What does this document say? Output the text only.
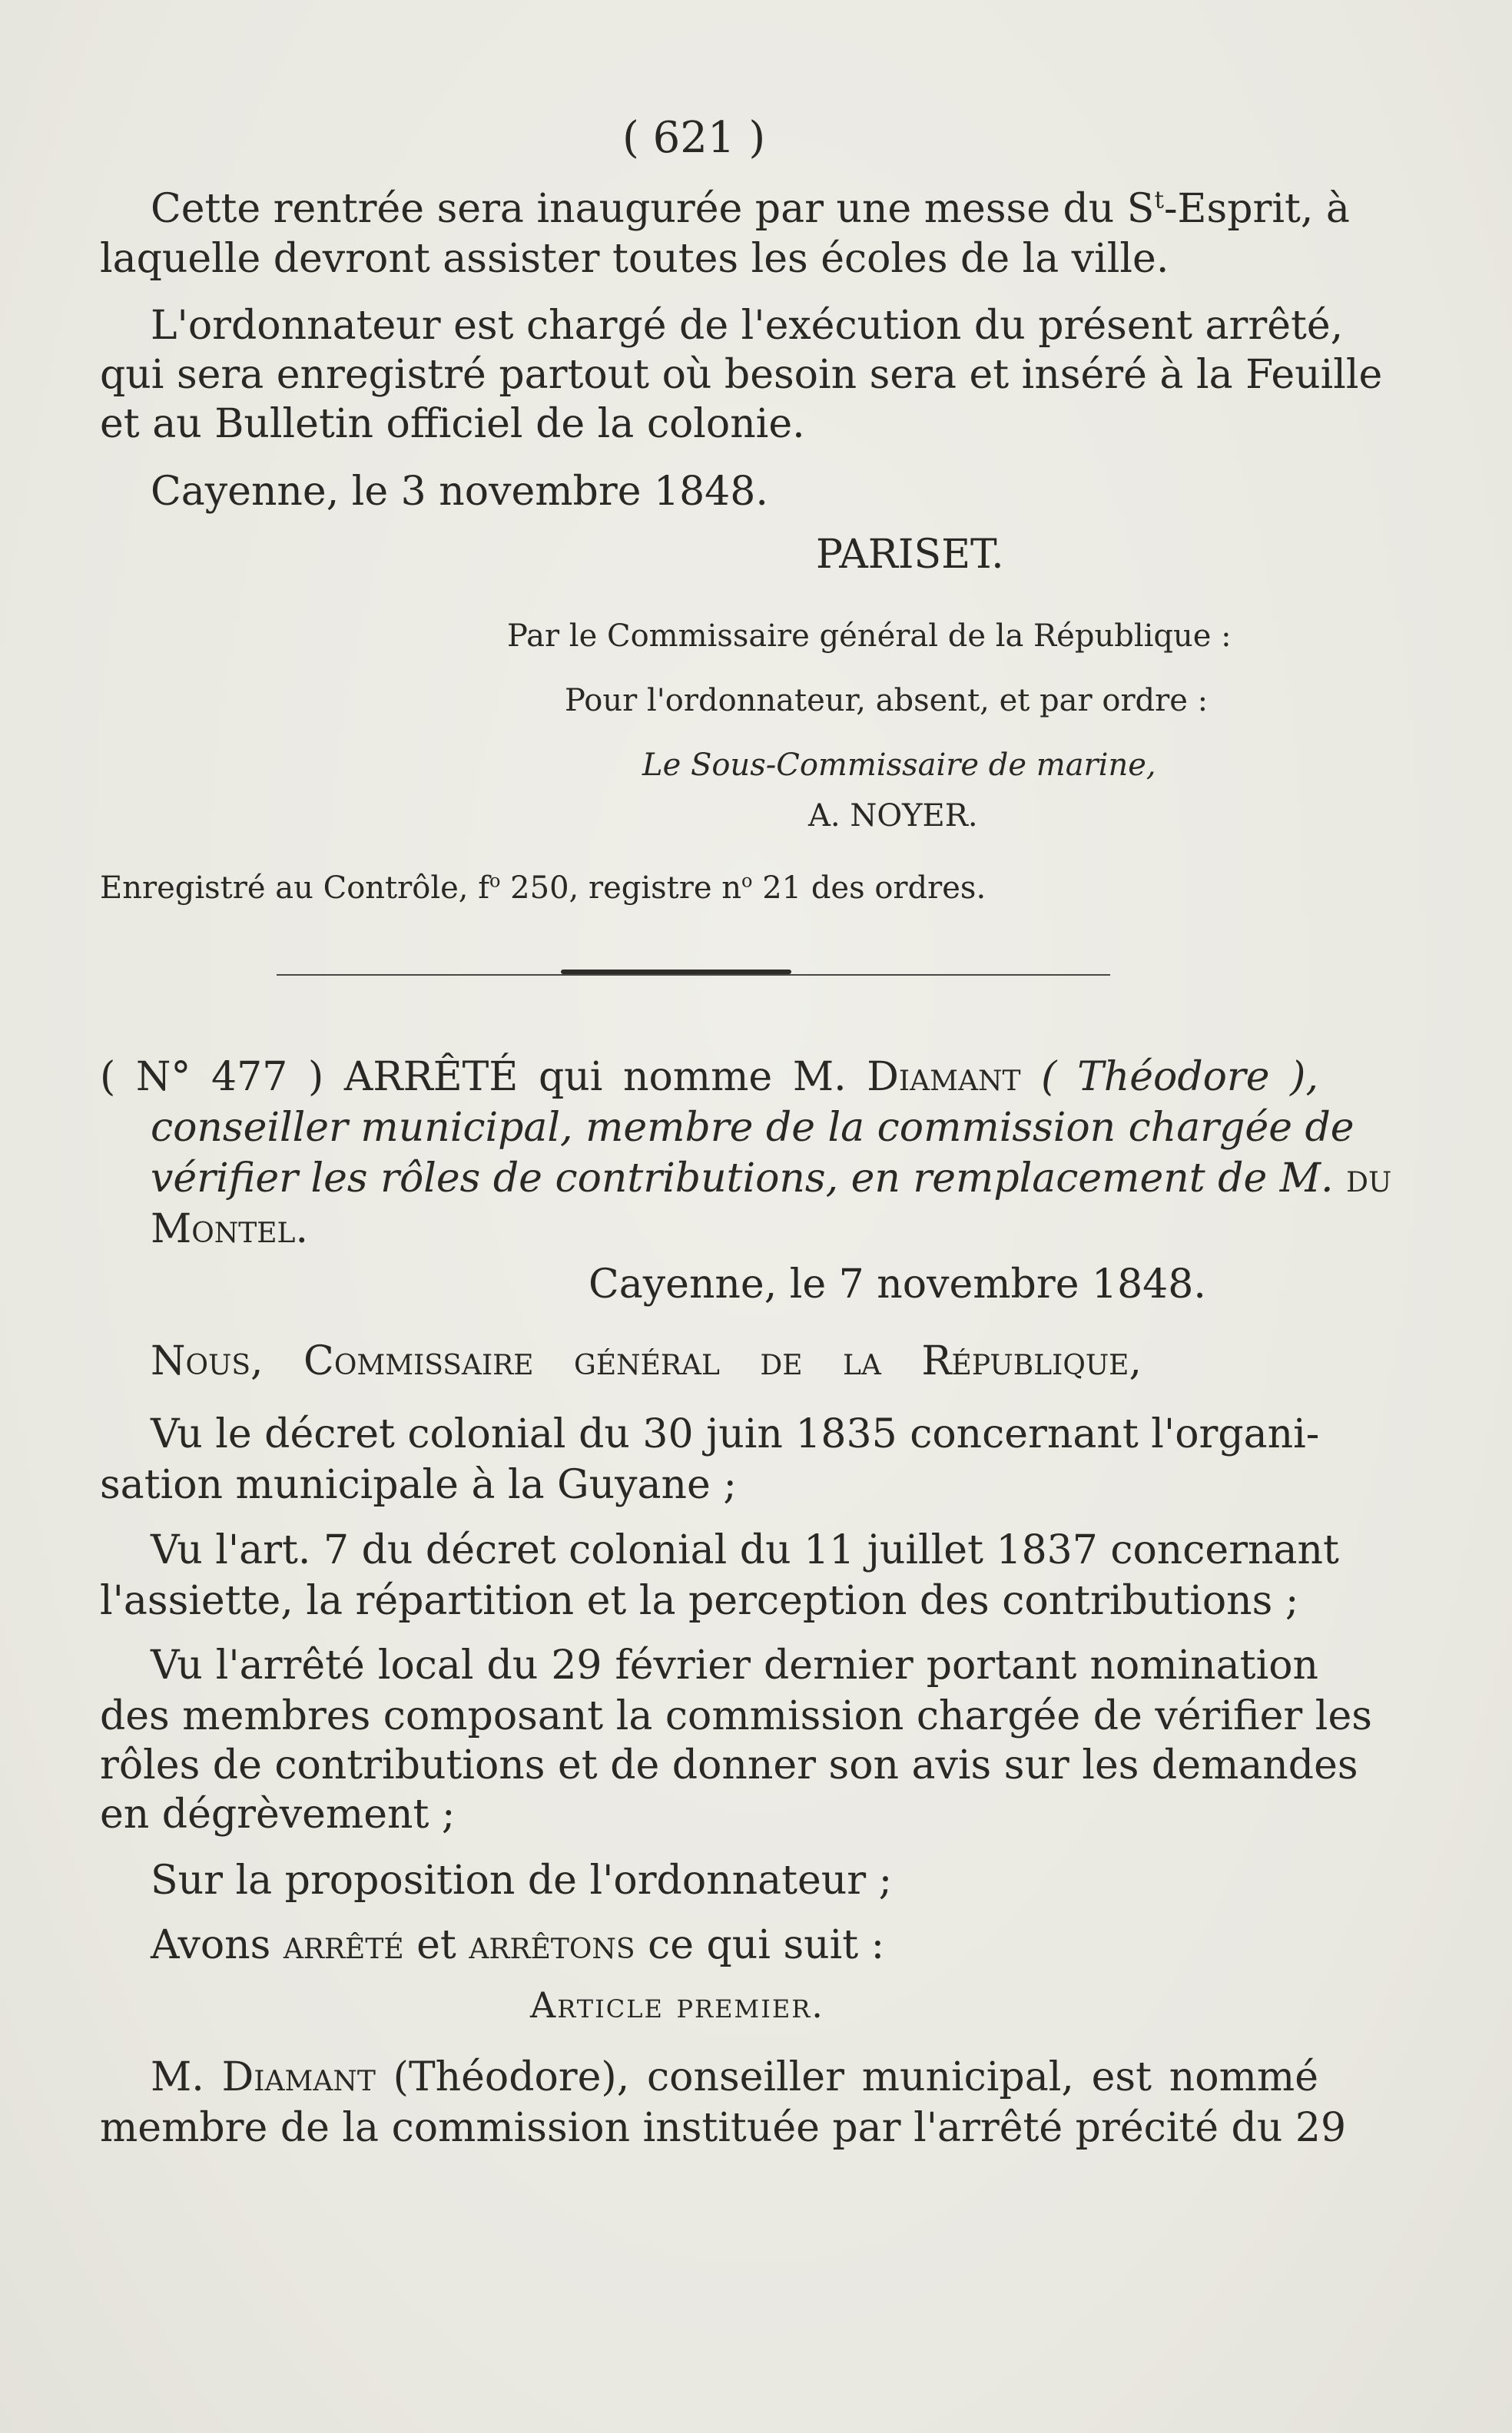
( 621 )
Cette rentrée sera inaugurée par une messe du $S^t$-Esprit, à
laquelle devront assister toutes les écoles de la ville.
L'ordonnateur est chargé de l'exécution du présent arrêté,
qui sera enregistré partout où besoin sera et inséré à la Feuille
et au Bulletin officiel de la colonie.
Cayenne, le 3 novembre 1848.
PARISET.
Par le Commissaire général de la République :
Pour l'ordonnateur, absent, et par ordre :
Le Sous-Commissaire de marine,
A. NOYER.
Enregistré au Contrôle, $f^o$ 250, registre $n^o$ 21 des ordres.
( N° 477 ) ARRÊTÉ qui nomme M. Diamant ( Théodore ),
conseiller municipal, membre de la commission chargée de
vérifier les rôles de contributions, en remplacement de M. du
Montel.
Cayenne, le 7 novembre 1848.
Nous, Commissaire général de la République,
Vu le décret colonial du 30 juin 1835 concernant l'organi-
sation municipale à la Guyane ;
Vu l'art. 7 du décret colonial du 11 juillet 1837 concernant
l'assiette, la répartition et la perception des contributions ;
Vu l'arrêté local du 29 février dernier portant nomination
des membres composant la commission chargée de vérifier les
rôles de contributions et de donner son avis sur les demandes
en dégrèvement ;
Sur la proposition de l'ordonnateur ;
Avons arrêté et arrêtons ce qui suit :
Article premier.
M. Diamant (Théodore), conseiller municipal, est nommé
membre de la commission instituée par l'arrêté précité du 29
